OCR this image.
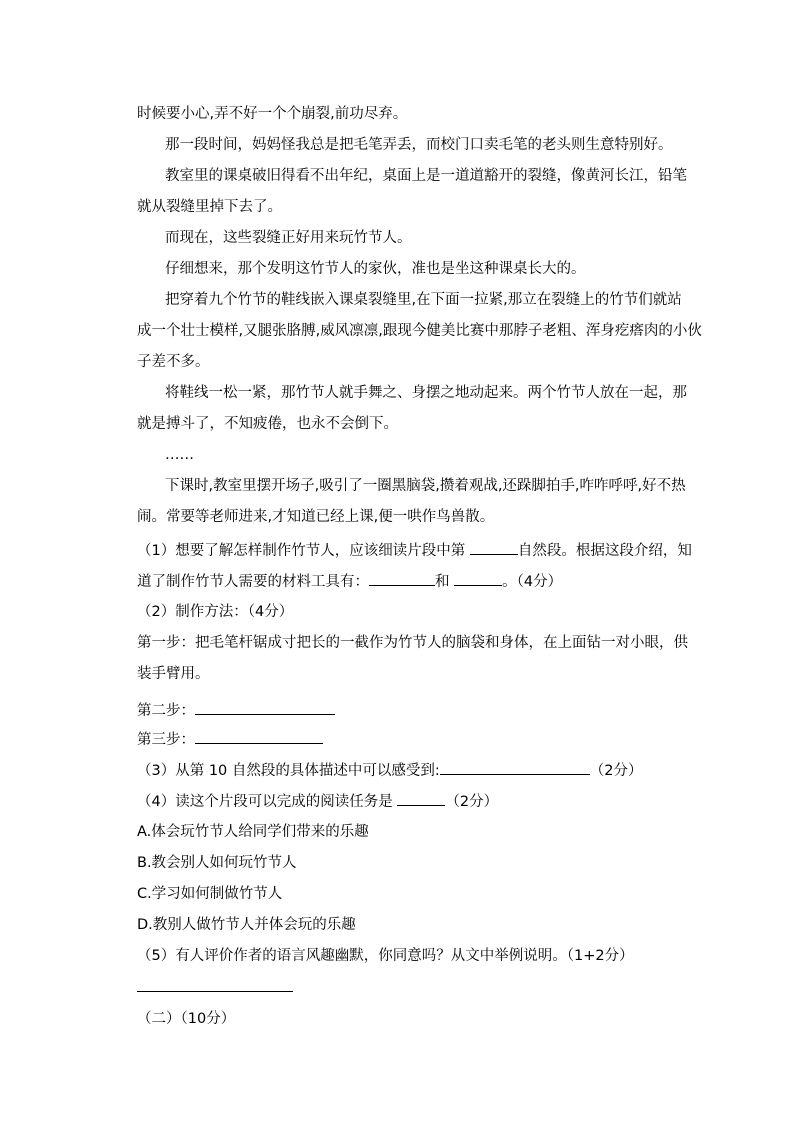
时候要小心,弄不好一个个崩裂,前功尽弃。
那一段时间，妈妈怪我总是把毛笔弄丢，而校门口卖毛笔的老头则生意特别好。
教室里的课桌破旧得看不出年纪，桌面上是一道道豁开的裂缝，像黄河长江，铅笔
就从裂缝里掉下去了。
而现在，这些裂缝正好用来玩竹节人。
仔细想来，那个发明这竹节人的家伙，准也是坐这种课桌长大的。
把穿着九个竹节的鞋线嵌入课桌裂缝里,在下面一拉紧,那立在裂缝上的竹节们就站
成一个壮士模样,又腿张胳膊,威风凛凛,跟现今健美比赛中那脖子老粗、浑身疙瘩肉的小伙
子差不多。
将鞋线一松一紧，那竹节人就手舞之、身摆之地动起来。两个竹节人放在一起，那
就是搏斗了，不知疲倦，也永不会倒下。
……
下课时,教室里摆开场子,吸引了一圈黑脑袋,攒着观战,还跺脚拍手,咋咋呼呼,好不热
闹。常要等老师进来,才知道已经上课,便一哄作鸟兽散。
（1）想要了解怎样制作竹节人，应该细读片段中第	自然段。根据这段介绍，知
道了制作竹节人需要的材料工具有：	和	。（4分）
（2）制作方法：（4分）
第一步：把毛笔杆锯成寸把长的一截作为竹节人的脑袋和身体，在上面钻一对小眼，供
装手臂用。
第二步：
第三步：
（3）从第 10 自然段的具体描述中可以感受到:	（2分）
（4）读这个片段可以完成的阅读任务是	（2分）
A.体会玩竹节人给同学们带来的乐趣
B.教会别人如何玩竹节人
C.学习如何制做竹节人
D.教别人做竹节人并体会玩的乐趣
（5）有人评价作者的语言风趣幽默，你同意吗？从文中举例说明。（1+2分）
（二）（10分）
